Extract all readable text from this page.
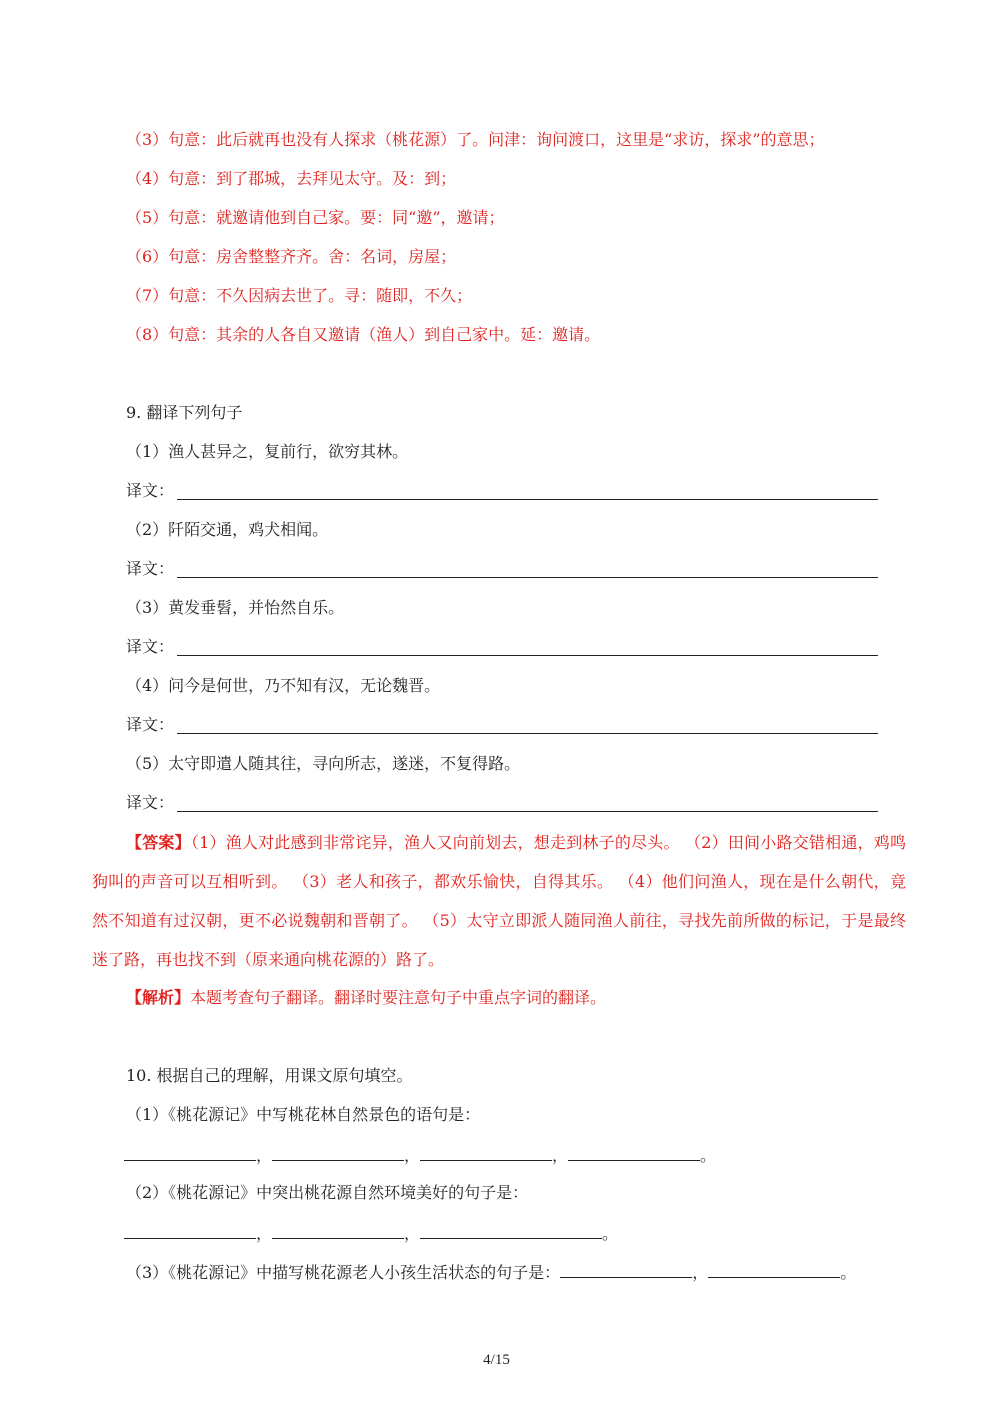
（3）句意：此后就再也没有人探求（桃花源）了。问津：询问渡口，这里是“求访，探求”的意思；
（4）句意：到了郡城，去拜见太守。及：到；
（5）句意：就邀请他到自己家。要：同“邀”，邀请；
（6）句意：房舍整整齐齐。舍：名词，房屋；
（7）句意：不久因病去世了。寻：随即，不久；
（8）句意：其余的人各自又邀请（渔人）到自己家中。延：邀请。
9. 翻译下列句子
（1）渔人甚异之，复前行，欲穷其林。
译文：
（2）阡陌交通，鸡犬相闻。
译文：
（3）黄发垂髫，并怡然自乐。
译文：
（4）问今是何世，乃不知有汉，无论魏晋。
译文：
（5）太守即遣人随其往，寻向所志，遂迷，不复得路。
译文：
【答案】（1）渔人对此感到非常诧异，渔人又向前划去，想走到林子的尽头。 （2）田间小路交错相通，鸡鸣狗叫的声音可以互相听到。 （3）老人和孩子，都欢乐愉快，自得其乐。 （4）他们问渔人，现在是什么朝代，竟然不知道有过汉朝，更不必说魏朝和晋朝了。 （5）太守立即派人随同渔人前往，寻找先前所做的标记，于是最终迷了路，再也找不到（原来通向桃花源的）路了。
【解析】本题考查句子翻译。翻译时要注意句子中重点字词的翻译。
10. 根据自己的理解，用课文原句填空。
（1）《桃花源记》中写桃花林自然景色的语句是：
，	，	，	。
（2）《桃花源记》中突出桃花源自然环境美好的句子是：
，	，	。
（3）《桃花源记》中描写桃花源老人小孩生活状态的句子是：	，	。
4/15
